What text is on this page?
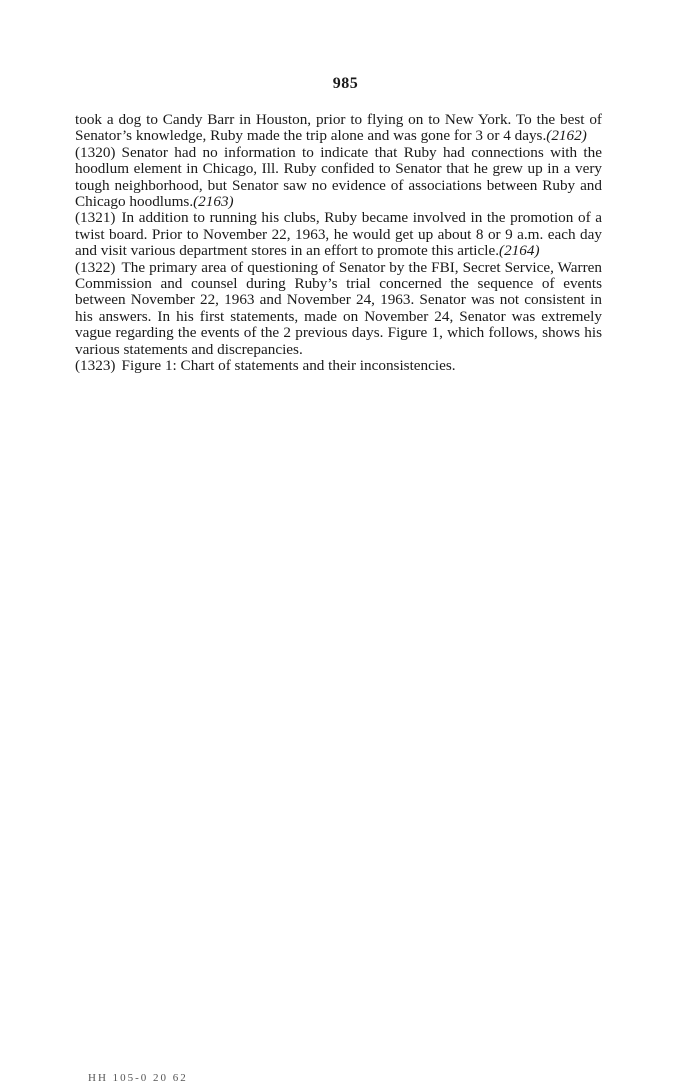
985

took a dog to Candy Barr in Houston, prior to flying on to New York. To the best of Senator’s knowledge, Ruby made the trip alone and was gone for 3 or 4 days.(2162)

(1320) Senator had no information to indicate that Ruby had connections with the hoodlum element in Chicago, Ill. Ruby confided to Senator that he grew up in a very tough neighborhood, but Senator saw no evidence of associations between Ruby and Chicago hoodlums.(2163)

(1321) In addition to running his clubs, Ruby became involved in the promotion of a twist board. Prior to November 22, 1963, he would get up about 8 or 9 a.m. each day and visit various department stores in an effort to promote this article.(2164)

(1322) The primary area of questioning of Senator by the FBI, Secret Service, Warren Commission and counsel during Ruby’s trial concerned the sequence of events between November 22, 1963 and November 24, 1963. Senator was not consistent in his answers. In his first statements, made on November 24, Senator was extremely vague regarding the events of the 2 previous days. Figure 1, which follows, shows his various statements and discrepancies.

(1323) Figure 1: Chart of statements and their inconsistencies.

HH 105-0 20 62
